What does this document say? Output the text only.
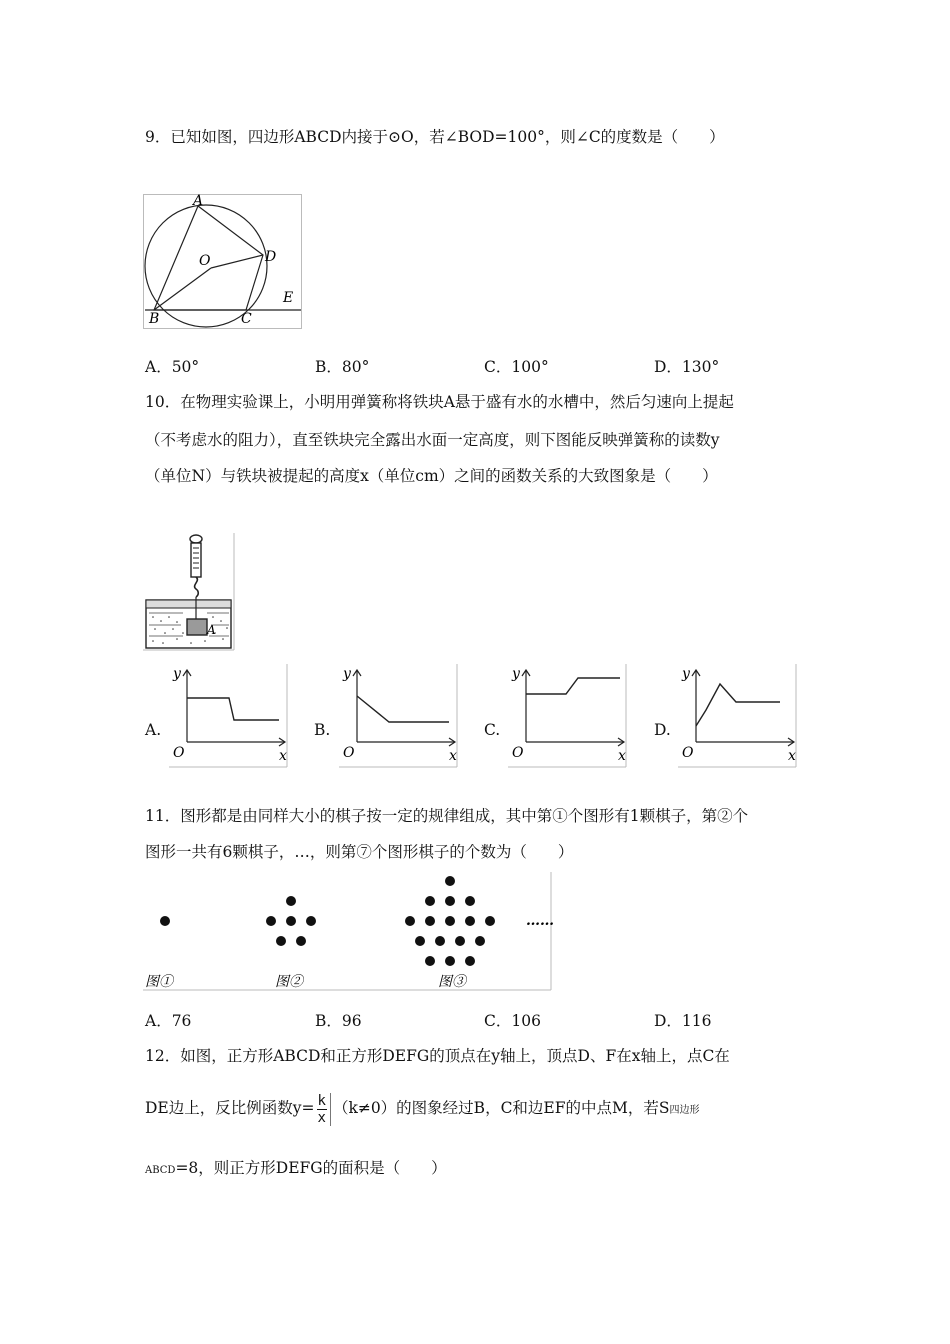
9．已知如图，四边形ABCD内接于⊙O，若∠BOD=100°，则∠C的度数是（　　）
A
O	D
E
B	C
A．50°	B．80°	C．100°	D．130°
10．在物理实验课上，小明用弹簧称将铁块A悬于盛有水的水槽中，然后匀速向上提起
（不考虑水的阻力），直至铁块完全露出水面一定高度，则下图能反映弹簧称的读数y
（单位N）与铁块被提起的高度x（单位cm）之间的函数关系的大致图象是（　　）
A
A.
y
O	x
B.
y
O	x
C.
y
O	x
D.
y
O	x
11．图形都是由同样大小的棋子按一定的规律组成，其中第①个图形有1颗棋子，第②个
图形一共有6颗棋子，…，则第⑦个图形棋子的个数为（　　）
……
图①	图②	图③
A．76	B．96	C．106	D．116
12．如图，正方形ABCD和正方形DEFG的顶点在y轴上，顶点D、F在x轴上，点C在
DE边上，反比例函数$y= \frac{k}{x} (k\ne 0)$的图象经过B，C和边EF的中点M，若S四边形
ABCD=8，则正方形DEFG的面积是（　　）
